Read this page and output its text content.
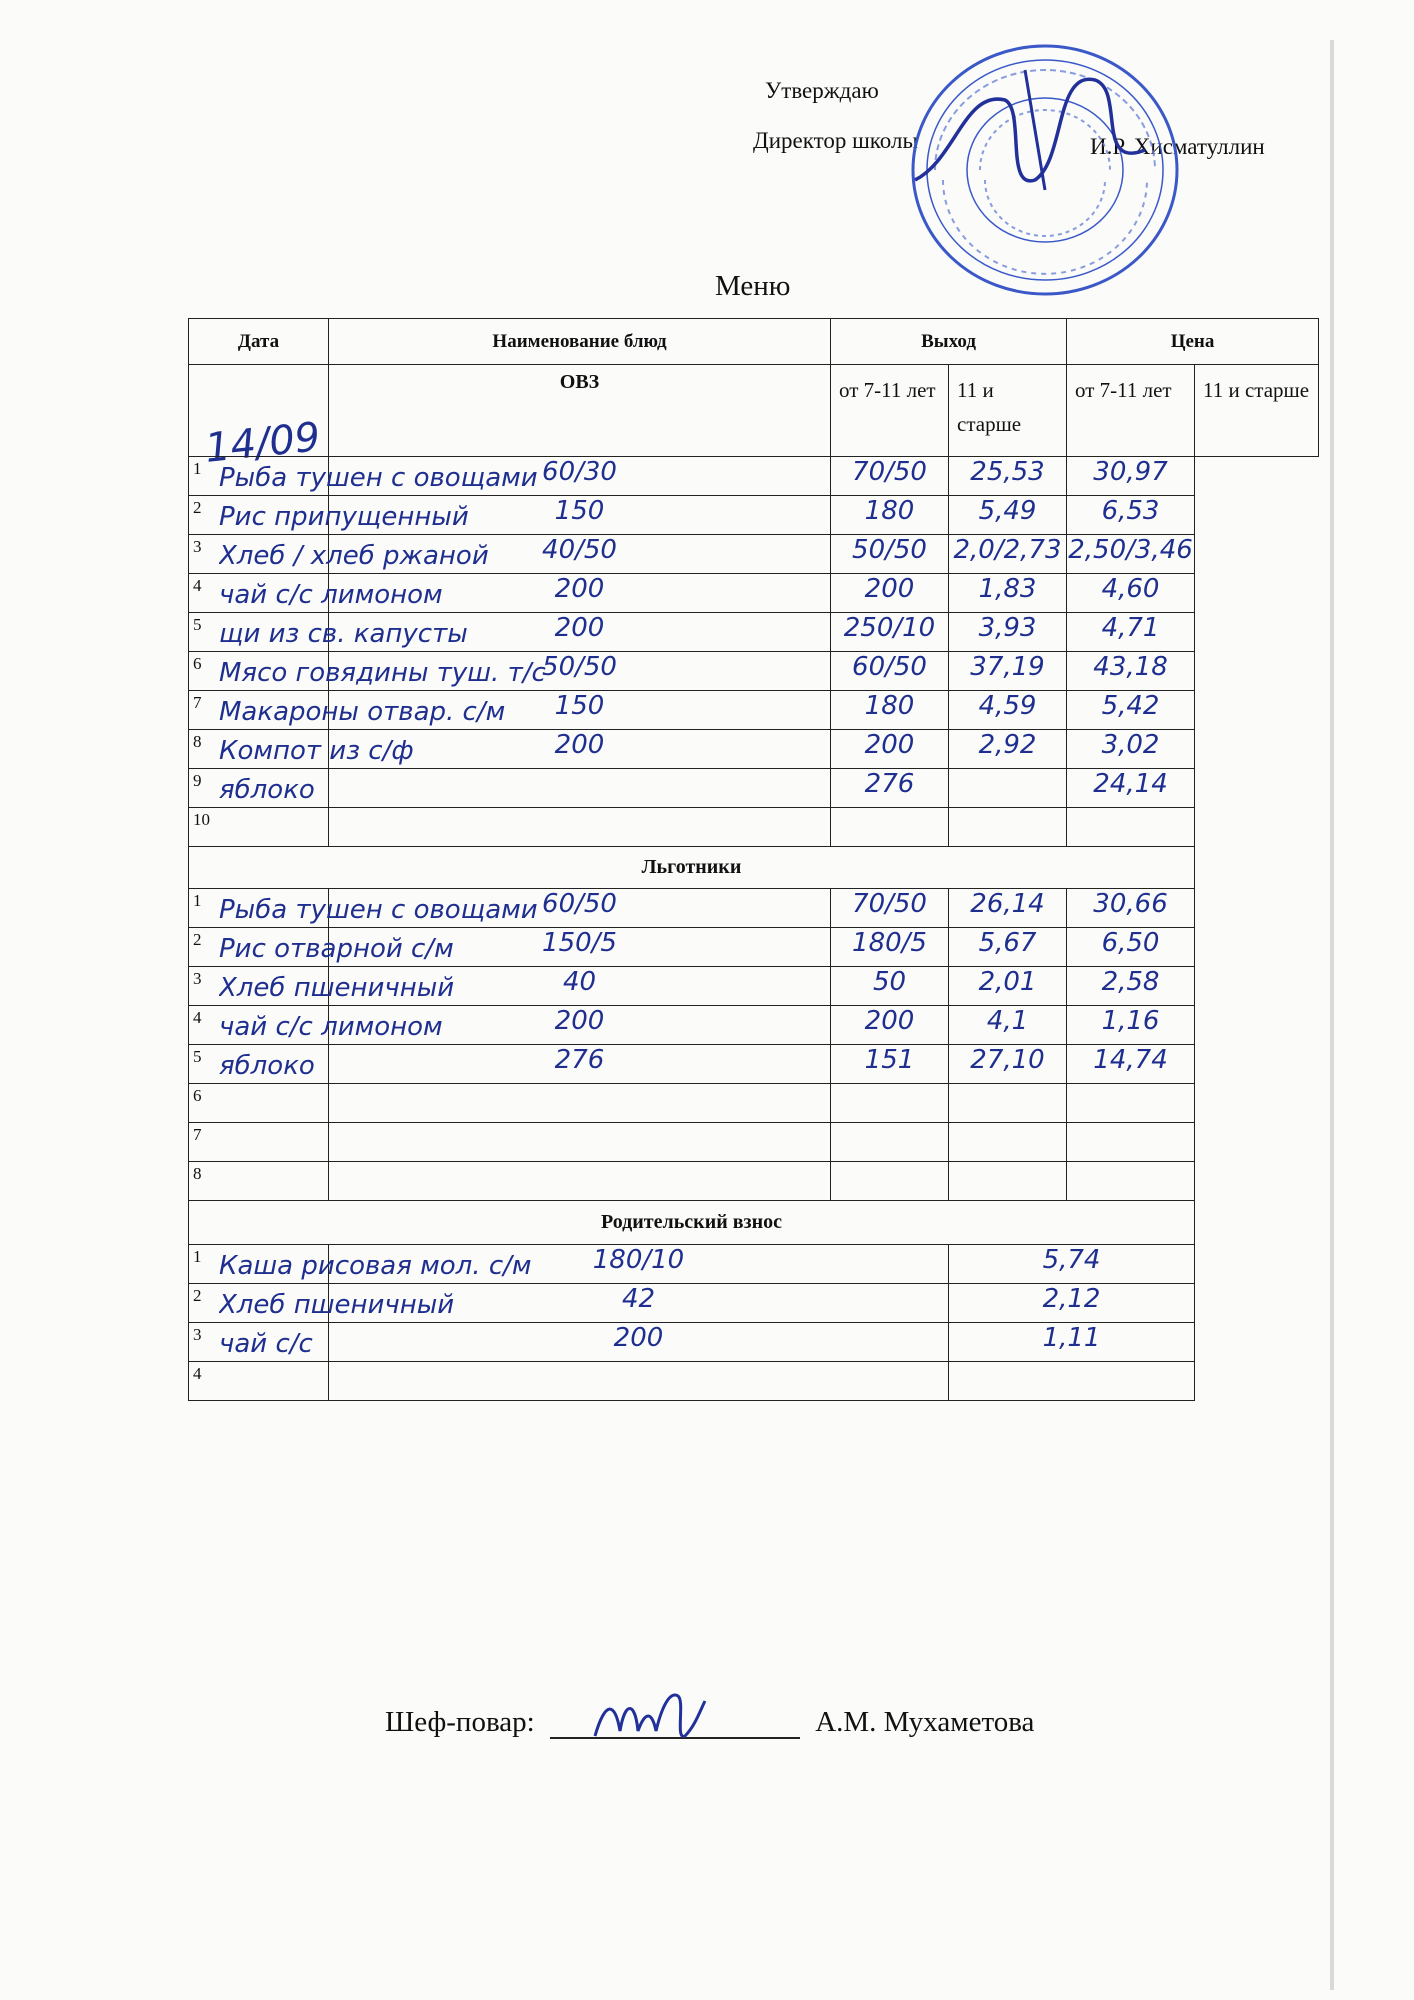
Утверждаю
Директор школы	И.Р. Хисматуллин
Меню
14/09
Дата	Наименование блюд	Выход		Цена	
	ОВЗ	от 7-11 лет	11 и старше	от 7-11 лет	11 и старше

1 Рыба тушен с овощами	60/30	70/50	25,53	30,97	

2 Рис припущенный	150	180	5,49	6,53	

3 Хлеб / хлеб ржаной	40/50	50/50	2,0/2,73	2,50/3,46	

4 чай с/с лимоном	200	200	1,83	4,60	

5 щи из св. капусты	200	250/10	3,93	4,71	

6 Мясо говядины туш. т/с	50/50	60/50	37,19	43,18	

7 Макароны отвар. с/м	150	180	4,59	5,42	

8 Компот из с/ф	200	200	2,92	3,02	

9 яблоко		276		24,14	

10					

Льготники					

1 Рыба тушен с овощами	60/50	70/50	26,14	30,66	

2 Рис отварной с/м	150/5	180/5	5,67	6,50	

3 Хлеб пшеничный	40	50	2,01	2,58	

4 чай с/с лимоном	200	200	4,1	1,16	

5 яблоко	276	151	27,10	14,74	

6					

7					

8					

Родительский взнос					

1 Каша рисовая мол. с/м	180/10		5,74		

2 Хлеб пшеничный	42		2,12		

3 чай с/с	200		1,11		

4					

Шеф-повар:	А.М. Мухаметова
